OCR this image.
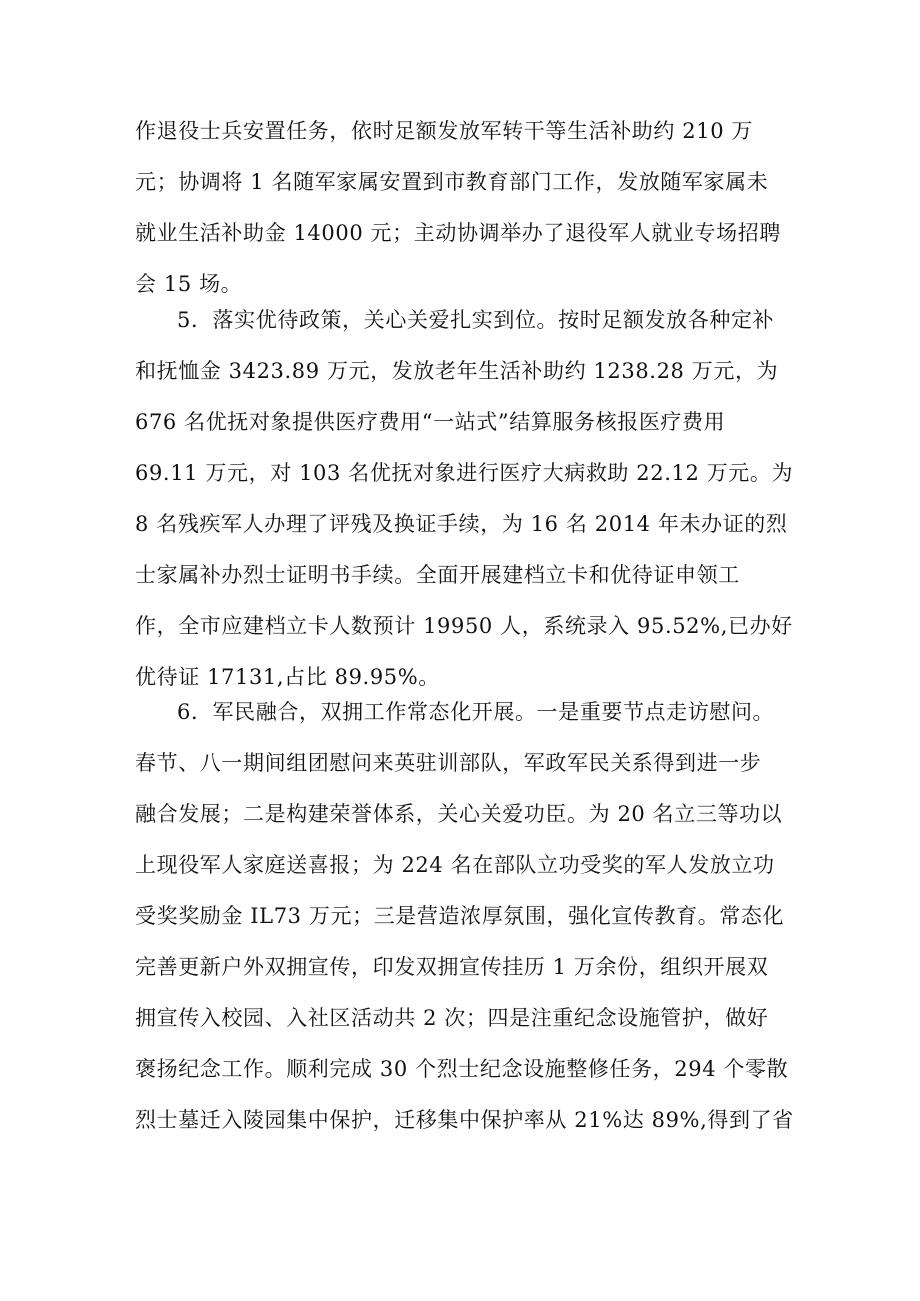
作退役士兵安置任务，依时足额发放军转干等生活补助约 210 万
元；协调将 1 名随军家属安置到市教育部门工作，发放随军家属未
就业生活补助金 14000 元；主动协调举办了退役军人就业专场招聘
会 15 场。
5．落实优待政策，关心关爱扎实到位。按时足额发放各种定补
和抚恤金 3423.89 万元，发放老年生活补助约 1238.28 万元，为
676 名优抚对象提供医疗费用“一站式”结算服务核报医疗费用
69.11 万元，对 103 名优抚对象进行医疗大病救助 22.12 万元。为
8 名残疾军人办理了评残及换证手续，为 16 名 2014 年未办证的烈
士家属补办烈士证明书手续。全面开展建档立卡和优待证申领工
作，全市应建档立卡人数预计 19950 人，系统录入 95.52%,已办好
优待证 17131,占比 89.95%。
6．军民融合，双拥工作常态化开展。一是重要节点走访慰问。
春节、八一期间组团慰问来英驻训部队，军政军民关系得到进一步
融合发展；二是构建荣誉体系，关心关爱功臣。为 20 名立三等功以
上现役军人家庭送喜报；为 224 名在部队立功受奖的军人发放立功
受奖奖励金 IL73 万元；三是营造浓厚氛围，强化宣传教育。常态化
完善更新户外双拥宣传，印发双拥宣传挂历 1 万余份，组织开展双
拥宣传入校园、入社区活动共 2 次；四是注重纪念设施管护，做好
褒扬纪念工作。顺利完成 30 个烈士纪念设施整修任务，294 个零散
烈士墓迁入陵园集中保护，迁移集中保护率从 21%达 89%,得到了省
